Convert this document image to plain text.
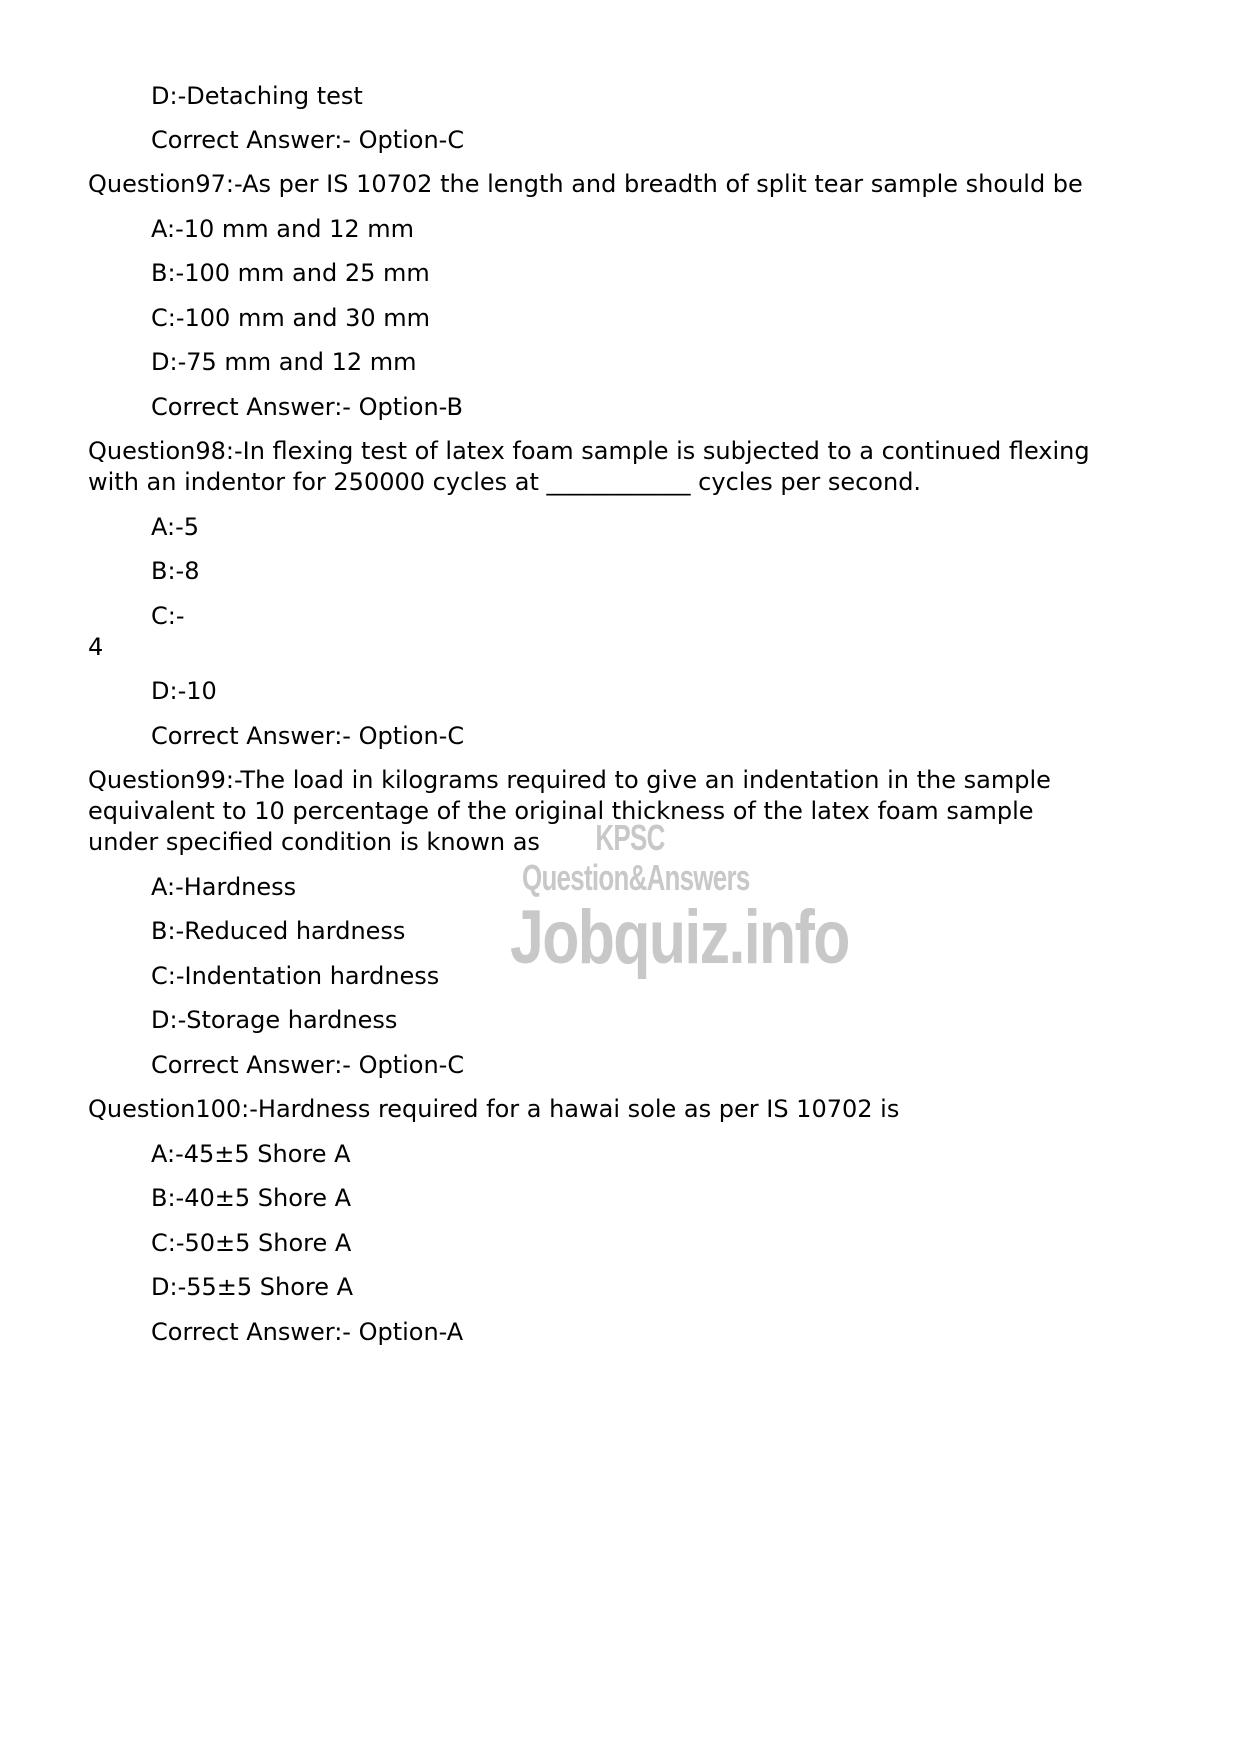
D:-Detaching test
Correct Answer:- Option-C
Question97:-As per IS 10702 the length and breadth of split tear sample should be
A:-10 mm and 12 mm
B:-100 mm and 25 mm
C:-100 mm and 30 mm
D:-75 mm and 12 mm
Correct Answer:- Option-B
Question98:-In flexing test of latex foam sample is subjected to a continued flexing
with an indentor for 250000 cycles at ____________ cycles per second.
A:-5
B:-8
C:-
4
D:-10
Correct Answer:- Option-C
Question99:-The load in kilograms required to give an indentation in the sample
equivalent to 10 percentage of the original thickness of the latex foam sample
under specified condition is known as
A:-Hardness
B:-Reduced hardness
C:-Indentation hardness
D:-Storage hardness
Correct Answer:- Option-C
Question100:-Hardness required for a hawai sole as per IS 10702 is
A:-45±5 Shore A
B:-40±5 Shore A
C:-50±5 Shore A
D:-55±5 Shore A
Correct Answer:- Option-A
KPSC Question&Answers
Jobquiz.info
